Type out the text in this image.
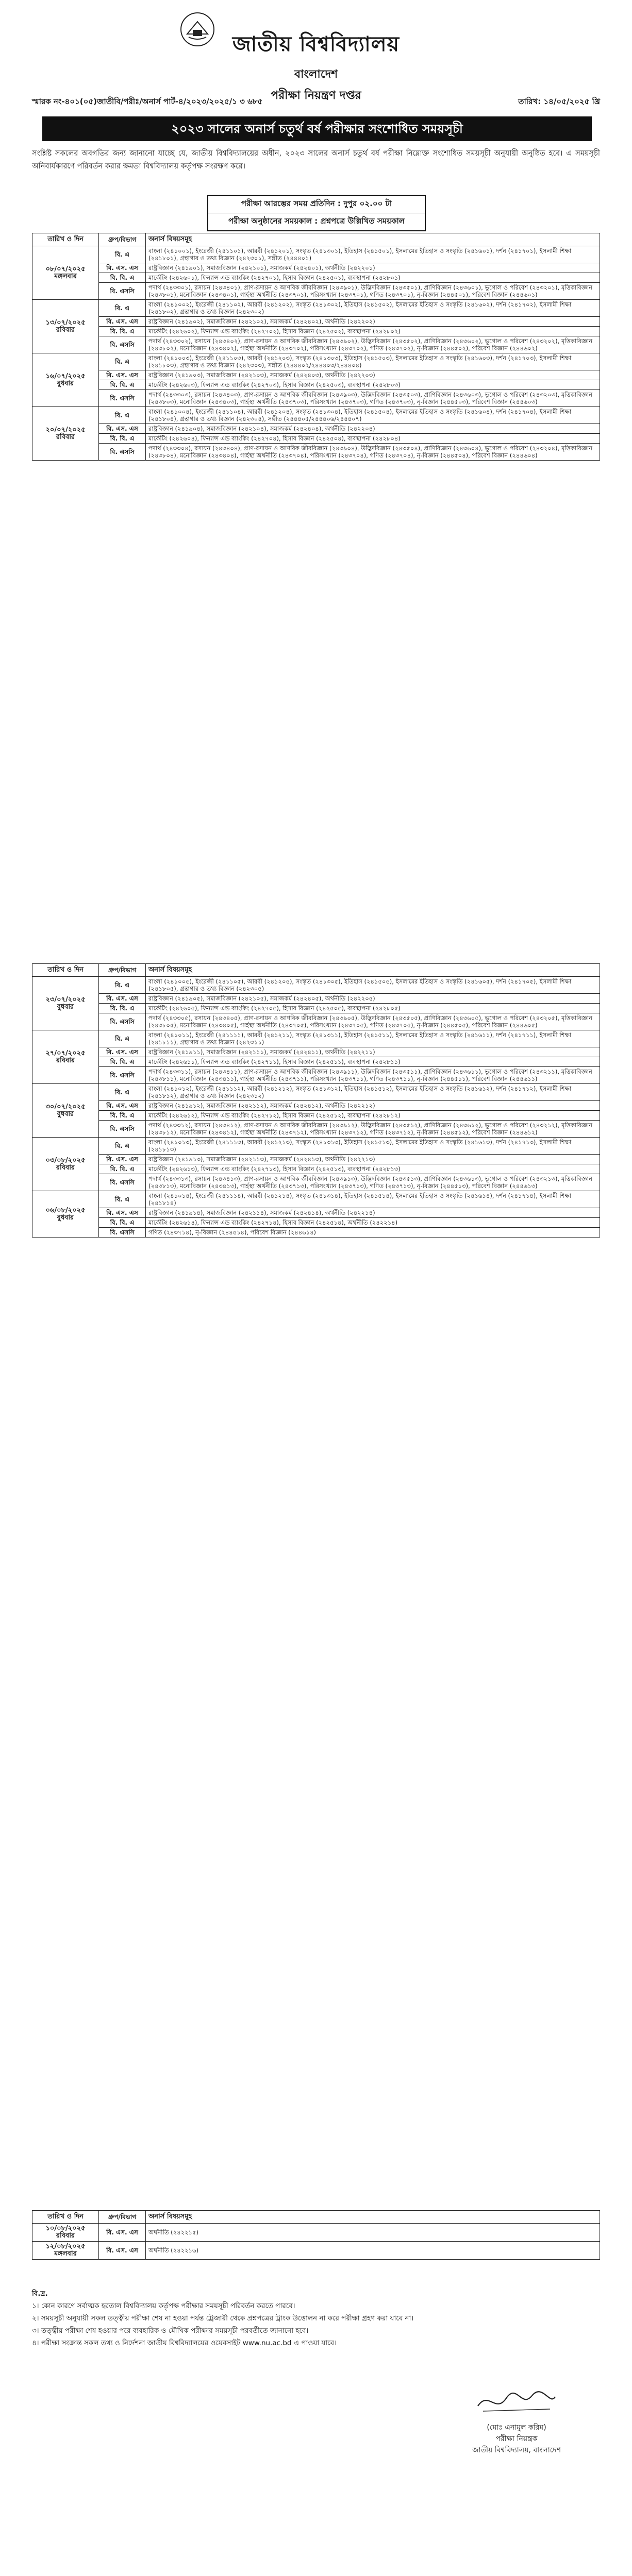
জাতীয় বিশ্ববিদ্যালয়
বাংলাদেশ
পরীক্ষা নিয়ন্ত্রণ দপ্তর
স্মারক নং-৪০১(০৫)জাতীবি/পরীঃ/অনার্স পার্ট-৪/২০২৩/২০২৫/১ ৩ ৬৮৫	তারিখ: ১৪/০৫/২০২৫ খ্রি
২০২৩ সালের অনার্স চতুর্থ বর্ষ পরীক্ষার সংশোধিত সময়সূচী
সংশ্লিষ্ট সকলের অবগতির জন্য জানানো যাচ্ছে যে, জাতীয় বিশ্ববিদ্যালয়ের অধীন, ২০২৩ সালের অনার্স চতুর্থ বর্ষ পরীক্ষা নিম্নোক্ত সংশোধিত সময়সূচী অনুযায়ী অনুষ্ঠিত হবে। এ সময়সূচী অনিবার্যকারণে পরিবর্তন করার ক্ষমতা বিশ্ববিদ্যালয় কর্তৃপক্ষ সংরক্ষণ করে।
পরীক্ষা আরম্ভের সময় প্রতিদিন : দুপুর ০২.০০ টা
পরীক্ষা অনুষ্ঠানের সময়কাল : প্রশ্নপত্রে উল্লিখিত সময়কাল
তারিখ ও দিন	গ্রুপ/বিভাগ	অনার্স বিষয়সমূহ
০৮/০৭/২০২৫
মঙ্গলবার	বি. এ	বাংলা (২৪১০০১), ইংরেজী (২৪১১০১), আরবী (২৪১২০১), সংস্কৃত (২৪১৩০১), ইতিহাস (২৪১৫০১), ইসলামের ইতিহাস ও সংস্কৃতি (২৪১৬০১), দর্শন (২৪১৭০১), ইসলামী শিক্ষা (২৪১৮০১), গ্রন্থাগার ও তথ্য বিজ্ঞান (২৪২৩০১), সঙ্গীত (২৪৪৪০১)
	বি. এস. এস	রাষ্ট্রবিজ্ঞান (২৪১৯০১), সমাজবিজ্ঞান (২৪২১০১), সমাজকর্ম (২৪২৪০১), অর্থনীতি (২৪২২০১)
	বি. বি. এ	মার্কেটিং (২৪২৬০১), ফিন্যান্স এন্ড ব্যাংকিং (২৪২৭০১), হিসাব বিজ্ঞান (২৪২৫০১), ব্যবস্থাপনা (২৪২৮০১)
	বি. এসসি	পদার্থ (২৪৩৩০১), রসায়ন (২৪৩৪০১), প্রাণ-রসায়ন ও আণবিক জীববিজ্ঞান (২৪৩৯০১), উদ্ভিদবিজ্ঞান (২৪৩৫০১), প্রাণিবিজ্ঞান (২৪৩৬০১), ভূগোল ও পরিবেশ (২৪৩২০১), মৃত্তিকাবিজ্ঞান (২৪৩৮০১), মনোবিজ্ঞান (২৪৩৪০১), গার্হস্থ্য অর্থনীতি (২৪৩৭০১), পরিসংখ্যান (২৪৩৭০১), গণিত (২৪৩৭০১), নৃ-বিজ্ঞান (২৪৪৫০১), পরিবেশ বিজ্ঞান (২৪৪৬০১)
১৩/০৭/২০২৫
রবিবার	বি. এ	বাংলা (২৪১০০২), ইংরেজী (২৪১১০২), আরবী (২৪১২০২), সংস্কৃত (২৪১৩০২), ইতিহাস (২৪১৫০২), ইসলামের ইতিহাস ও সংস্কৃতি (২৪১৬০২), দর্শন (২৪১৭০২), ইসলামী শিক্ষা (২৪১৮০২), গ্রন্থাগার ও তথ্য বিজ্ঞান (২৪২৩০২)
	বি. এস. এস	রাষ্ট্রবিজ্ঞান (২৪১৯০২), সমাজবিজ্ঞান (২৪২১০২), সমাজকর্ম (২৪২৪০২), অর্থনীতি (২৪২২০২)
	বি. বি. এ	মার্কেটিং (২৪২৬০২), ফিন্যান্স এন্ড ব্যাংকিং (২৪২৭০২), হিসাব বিজ্ঞান (২৪২৫০২), ব্যবস্থাপনা (২৪২৮০২)
	বি. এসসি	পদার্থ (২৪৩৩০২), রসায়ন (২৪৩৪০২), প্রাণ-রসায়ন ও আণবিক জীববিজ্ঞান (২৪৩৯০২), উদ্ভিদবিজ্ঞান (২৪৩৫০২), প্রাণিবিজ্ঞান (২৪৩৬০২), ভূগোল ও পরিবেশ (২৪৩২০২), মৃত্তিকাবিজ্ঞান (২৪৩৮০২), মনোবিজ্ঞান (২৪৩৪০২), গার্হস্থ্য অর্থনীতি (২৪৩৭০২), পরিসংখ্যান (২৪৩৭০২), গণিত (২৪৩৭০২), নৃ-বিজ্ঞান (২৪৪৫০২), পরিবেশ বিজ্ঞান (২৪৪৬০২)
১৬/০৭/২০২৫
বুধবার	বি. এ	বাংলা (২৪১০০৩), ইংরেজী (২৪১১০৩), আরবী (২৪১২০৩), সংস্কৃত (২৪১৩০৩), ইতিহাস (২৪১৫০৩), ইসলামের ইতিহাস ও সংস্কৃতি (২৪১৬০৩), দর্শন (২৪১৭০৩), ইসলামী শিক্ষা (২৪১৮০৩), গ্রন্থাগার ও তথ্য বিজ্ঞান (২৪২৩০৩), সঙ্গীত (২৪৪৪০২/২৪৪৪০৩/২৪৪৪০৪)
	বি. এস. এস	রাষ্ট্রবিজ্ঞান (২৪১৯০৩), সমাজবিজ্ঞান (২৪২১০৩), সমাজকর্ম (২৪২৪০৩), অর্থনীতি (২৪২২০৩)
	বি. বি. এ	মার্কেটিং (২৪২৬০৩), ফিন্যান্স এন্ড ব্যাংকিং (২৪২৭০৩), হিসাব বিজ্ঞান (২৪২৫০৩), ব্যবস্থাপনা (২৪২৮০৩)
	বি. এসসি	পদার্থ (২৪৩৩০৩), রসায়ন (২৪৩৪০৩), প্রাণ-রসায়ন ও আণবিক জীববিজ্ঞান (২৪৩৯০৩), উদ্ভিদবিজ্ঞান (২৪৩৫০৩), প্রাণিবিজ্ঞান (২৪৩৬০৩), ভূগোল ও পরিবেশ (২৪৩২০৩), মৃত্তিকাবিজ্ঞান (২৪৩৮০৩), মনোবিজ্ঞান (২৪৩৪০৩), গার্হস্থ্য অর্থনীতি (২৪৩৭০৩), পরিসংখ্যান (২৪৩৭০৩), গণিত (২৪৩৭০৩), নৃ-বিজ্ঞান (২৪৪৫০৩), পরিবেশ বিজ্ঞান (২৪৪৬০৩)
২০/০৭/২০২৫
রবিবার	বি. এ	বাংলা (২৪১০০৪), ইংরেজী (২৪১১০৪), আরবী (২৪১২০৪), সংস্কৃত (২৪১৩০৪), ইতিহাস (২৪১৫০৪), ইসলামের ইতিহাস ও সংস্কৃতি (২৪১৬০৪), দর্শন (২৪১৭০৪), ইসলামী শিক্ষা (২৪১৮০৪), গ্রন্থাগার ও তথ্য বিজ্ঞান (২৪২৩০৪), সঙ্গীত (২৪৪৪০৫/২৪৪৪০৬/২৪৪৪০৭)
	বি. এস. এস	রাষ্ট্রবিজ্ঞান (২৪১৯০৪), সমাজবিজ্ঞান (২৪২১০৪), সমাজকর্ম (২৪২৪০৪), অর্থনীতি (২৪২২০৪)
	বি. বি. এ	মার্কেটিং (২৪২৬০৪), ফিন্যান্স এন্ড ব্যাংকিং (২৪২৭০৪), হিসাব বিজ্ঞান (২৪২৫০৪), ব্যবস্থাপনা (২৪২৮০৪)
	বি. এসসি	পদার্থ (২৪৩৩০৪), রসায়ন (২৪৩৪০৪), প্রাণ-রসায়ন ও আণবিক জীববিজ্ঞান (২৪৩৯০৪), উদ্ভিদবিজ্ঞান (২৪৩৫০৪), প্রাণিবিজ্ঞান (২৪৩৬০৪), ভূগোল ও পরিবেশ (২৪৩২০৪), মৃত্তিকাবিজ্ঞান (২৪৩৮০৪), মনোবিজ্ঞান (২৪৩৪০৪), গার্হস্থ্য অর্থনীতি (২৪৩৭০৪), পরিসংখ্যান (২৪৩৭০৪), গণিত (২৪৩৭০৪), নৃ-বিজ্ঞান (২৪৪৫০৪), পরিবেশ বিজ্ঞান (২৪৪৬০৪)
তারিখ ও দিন	গ্রুপ/বিভাগ	অনার্স বিষয়সমূহ
২৩/০৭/২০২৫
বুধবার	বি. এ	বাংলা (২৪১০০৫), ইংরেজী (২৪১১০৫), আরবী (২৪১২০৫), সংস্কৃত (২৪১৩০৫), ইতিহাস (২৪১৫০৫), ইসলামের ইতিহাস ও সংস্কৃতি (২৪১৬০৫), দর্শন (২৪১৭০৫), ইসলামী শিক্ষা (২৪১৮০৫), গ্রন্থাগার ও তথ্য বিজ্ঞান (২৪২৩০৫)
	বি. এস. এস	রাষ্ট্রবিজ্ঞান (২৪১৯০৫), সমাজবিজ্ঞান (২৪২১০৫), সমাজকর্ম (২৪২৪০৫), অর্থনীতি (২৪২২০৫)
	বি. বি. এ	মার্কেটিং (২৪২৬০৫), ফিন্যান্স এন্ড ব্যাংকিং (২৪২৭০৫), হিসাব বিজ্ঞান (২৪২৫০৫), ব্যবস্থাপনা (২৪২৮০৫)
	বি. এসসি	পদার্থ (২৪৩৩০৫), রসায়ন (২৪৩৪০৫), প্রাণ-রসায়ন ও আণবিক জীববিজ্ঞান (২৪৩৯০৫), উদ্ভিদবিজ্ঞান (২৪৩৫০৫), প্রাণিবিজ্ঞান (২৪৩৬০৫), ভূগোল ও পরিবেশ (২৪৩২০৫), মৃত্তিকাবিজ্ঞান (২৪৩৮০৫), মনোবিজ্ঞান (২৪৩৪০৫), গার্হস্থ্য অর্থনীতি (২৪৩৭০৫), পরিসংখ্যান (২৪৩৭০৫), গণিত (২৪৩৭০৫), নৃ-বিজ্ঞান (২৪৪৫০৫), পরিবেশ বিজ্ঞান (২৪৪৬০৫)
২৭/০৭/২০২৫
রবিবার	বি. এ	বাংলা (২৪১০১১), ইংরেজী (২৪১১১১), আরবী (২৪১২১১), সংস্কৃত (২৪১৩১১), ইতিহাস (২৪১৫১১), ইসলামের ইতিহাস ও সংস্কৃতি (২৪১৬১১), দর্শন (২৪১৭১১), ইসলামী শিক্ষা (২৪১৮১১), গ্রন্থাগার ও তথ্য বিজ্ঞান (২৪২৩১১)
	বি. এস. এস	রাষ্ট্রবিজ্ঞান (২৪১৯১১), সমাজবিজ্ঞান (২৪২১১১), সমাজকর্ম (২৪২৪১১), অর্থনীতি (২৪২২১১)
	বি. বি. এ	মার্কেটিং (২৪২৬১১), ফিন্যান্স এন্ড ব্যাংকিং (২৪২৭১১), হিসাব বিজ্ঞান (২৪২৫১১), ব্যবস্থাপনা (২৪২৮১১)
	বি. এসসি	পদার্থ (২৪৩৩১১), রসায়ন (২৪৩৪১১), প্রাণ-রসায়ন ও আণবিক জীববিজ্ঞান (২৪৩৯১১), উদ্ভিদবিজ্ঞান (২৪৩৫১১), প্রাণিবিজ্ঞান (২৪৩৬১১), ভূগোল ও পরিবেশ (২৪৩২১১), মৃত্তিকাবিজ্ঞান (২৪৩৮১১), মনোবিজ্ঞান (২৪৩৪১১), গার্হস্থ্য অর্থনীতি (২৪৩৭১১), পরিসংখ্যান (২৪৩৭১১), গণিত (২৪৩৭১১), নৃ-বিজ্ঞান (২৪৪৫১১), পরিবেশ বিজ্ঞান (২৪৪৬১১)
৩০/০৭/২০২৫
বুধবার	বি. এ	বাংলা (২৪১০১২), ইংরেজী (২৪১১১২), আরবী (২৪১২১২), সংস্কৃত (২৪১৩১২), ইতিহাস (২৪১৫১২), ইসলামের ইতিহাস ও সংস্কৃতি (২৪১৬১২), দর্শন (২৪১৭১২), ইসলামী শিক্ষা (২৪১৮১২), গ্রন্থাগার ও তথ্য বিজ্ঞান (২৪২৩১২)
	বি. এস. এস	রাষ্ট্রবিজ্ঞান (২৪১৯১২), সমাজবিজ্ঞান (২৪২১১২), সমাজকর্ম (২৪২৪১২), অর্থনীতি (২৪২২১২)
	বি. বি. এ	মার্কেটিং (২৪২৬১২), ফিন্যান্স এন্ড ব্যাংকিং (২৪২৭১২), হিসাব বিজ্ঞান (২৪২৫১২), ব্যবস্থাপনা (২৪২৮১২)
	বি. এসসি	পদার্থ (২৪৩৩১২), রসায়ন (২৪৩৪১২), প্রাণ-রসায়ন ও আণবিক জীববিজ্ঞান (২৪৩৯১২), উদ্ভিদবিজ্ঞান (২৪৩৫১২), প্রাণিবিজ্ঞান (২৪৩৬১২), ভূগোল ও পরিবেশ (২৪৩২১২), মৃত্তিকাবিজ্ঞান (২৪৩৮১২), মনোবিজ্ঞান (২৪৩৪১২), গার্হস্থ্য অর্থনীতি (২৪৩৭১২), পরিসংখ্যান (২৪৩৭১২), গণিত (২৪৩৭১২), নৃ-বিজ্ঞান (২৪৪৫১২), পরিবেশ বিজ্ঞান (২৪৪৬১২)
০৩/০৮/২০২৫
রবিবার	বি. এ	বাংলা (২৪১০১৩), ইংরেজী (২৪১১১৩), আরবী (২৪১২১৩), সংস্কৃত (২৪১৩১৩), ইতিহাস (২৪১৫১৩), ইসলামের ইতিহাস ও সংস্কৃতি (২৪১৬১৩), দর্শন (২৪১৭১৩), ইসলামী শিক্ষা (২৪১৮১৩)
	বি. এস. এস	রাষ্ট্রবিজ্ঞান (২৪১৯১৩), সমাজবিজ্ঞান (২৪২১১৩), সমাজকর্ম (২৪২৪১৩), অর্থনীতি (২৪২২১৩)
	বি. বি. এ	মার্কেটিং (২৪২৬১৩), ফিন্যান্স এন্ড ব্যাংকিং (২৪২৭১৩), হিসাব বিজ্ঞান (২৪২৫১৩), ব্যবস্থাপনা (২৪২৮১৩)
	বি. এসসি	পদার্থ (২৪৩৩১৩), রসায়ন (২৪৩৪১৩), প্রাণ-রসায়ন ও আণবিক জীববিজ্ঞান (২৪৩৯১৩), উদ্ভিদবিজ্ঞান (২৪৩৫১৩), প্রাণিবিজ্ঞান (২৪৩৬১৩), ভূগোল ও পরিবেশ (২৪৩২১৩), মৃত্তিকাবিজ্ঞান (২৪৩৮১৩), মনোবিজ্ঞান (২৪৩৪১৩), গার্হস্থ্য অর্থনীতি (২৪৩৭১৩), পরিসংখ্যান (২৪৩৭১৩), গণিত (২৪৩৭১৩), নৃ-বিজ্ঞান (২৪৪৫১৩), পরিবেশ বিজ্ঞান (২৪৪৬১৩)
০৬/০৮/২০২৫
বুধবার	বি. এ	বাংলা (২৪১০১৪), ইংরেজী (২৪১১১৪), আরবী (২৪১২১৪), সংস্কৃত (২৪১৩১৪), ইতিহাস (২৪১৫১৪), ইসলামের ইতিহাস ও সংস্কৃতি (২৪১৬১৪), দর্শন (২৪১৭১৪), ইসলামী শিক্ষা (২৪১৮১৪)
	বি. এস. এস	রাষ্ট্রবিজ্ঞান (২৪১৯১৪), সমাজবিজ্ঞান (২৪২১১৪), সমাজকর্ম (২৪২৪১৪), অর্থনীতি (২৪২২১৪)
	বি. বি. এ	মার্কেটিং (২৪২৬১৪), ফিন্যান্স এন্ড ব্যাংকিং (২৪২৭১৪), হিসাব বিজ্ঞান (২৪২৫১৪), অর্থনীতি (২৪২২১৪)
	বি. এসসি	গণিত (২৪৩৭১৪), নৃ-বিজ্ঞান (২৪৪৫১৪), পরিবেশ বিজ্ঞান (২৪৪৬১৪)
তারিখ ও দিন	গ্রুপ/বিভাগ	অনার্স বিষয়সমূহ
১০/০৮/২০২৫
রবিবার	বি. এস. এস	অর্থনীতি (২৪২২১৫)
১২/০৮/২০২৫
মঙ্গলবার	বি. এস. এস	অর্থনীতি (২৪২২১৬)
বি.দ্র.
১। কোন কারণে সর্বাত্মক হরতাল বিশ্ববিদ্যালয় কর্তৃপক্ষ পরীক্ষার সময়সূচী পরিবর্তন করতে পারবে।
২। সময়সূচী অনুযায়ী সকল তত্ত্বীয় পরীক্ষা শেষ না হওয়া পর্যন্ত ট্রেজারী থেকে প্রশ্নপত্রের ট্রাংক উত্তোলন না করে পরীক্ষা গ্রহণ করা যাবে না।
৩। তত্ত্বীয় পরীক্ষা শেষ হওয়ার পরে ব্যবহারিক ও মৌখিক পরীক্ষার সময়সূচী পরবর্তীতে জানানো হবে।
৪। পরীক্ষা সংক্রান্ত সকল তথ্য ও নির্দেশনা জাতীয় বিশ্ববিদ্যালয়ের ওয়েবসাইট www.nu.ac.bd এ পাওয়া যাবে।
(মোঃ এনামুল করিম)
পরীক্ষা নিয়ন্ত্রক
জাতীয় বিশ্ববিদ্যালয়, বাংলাদেশ
